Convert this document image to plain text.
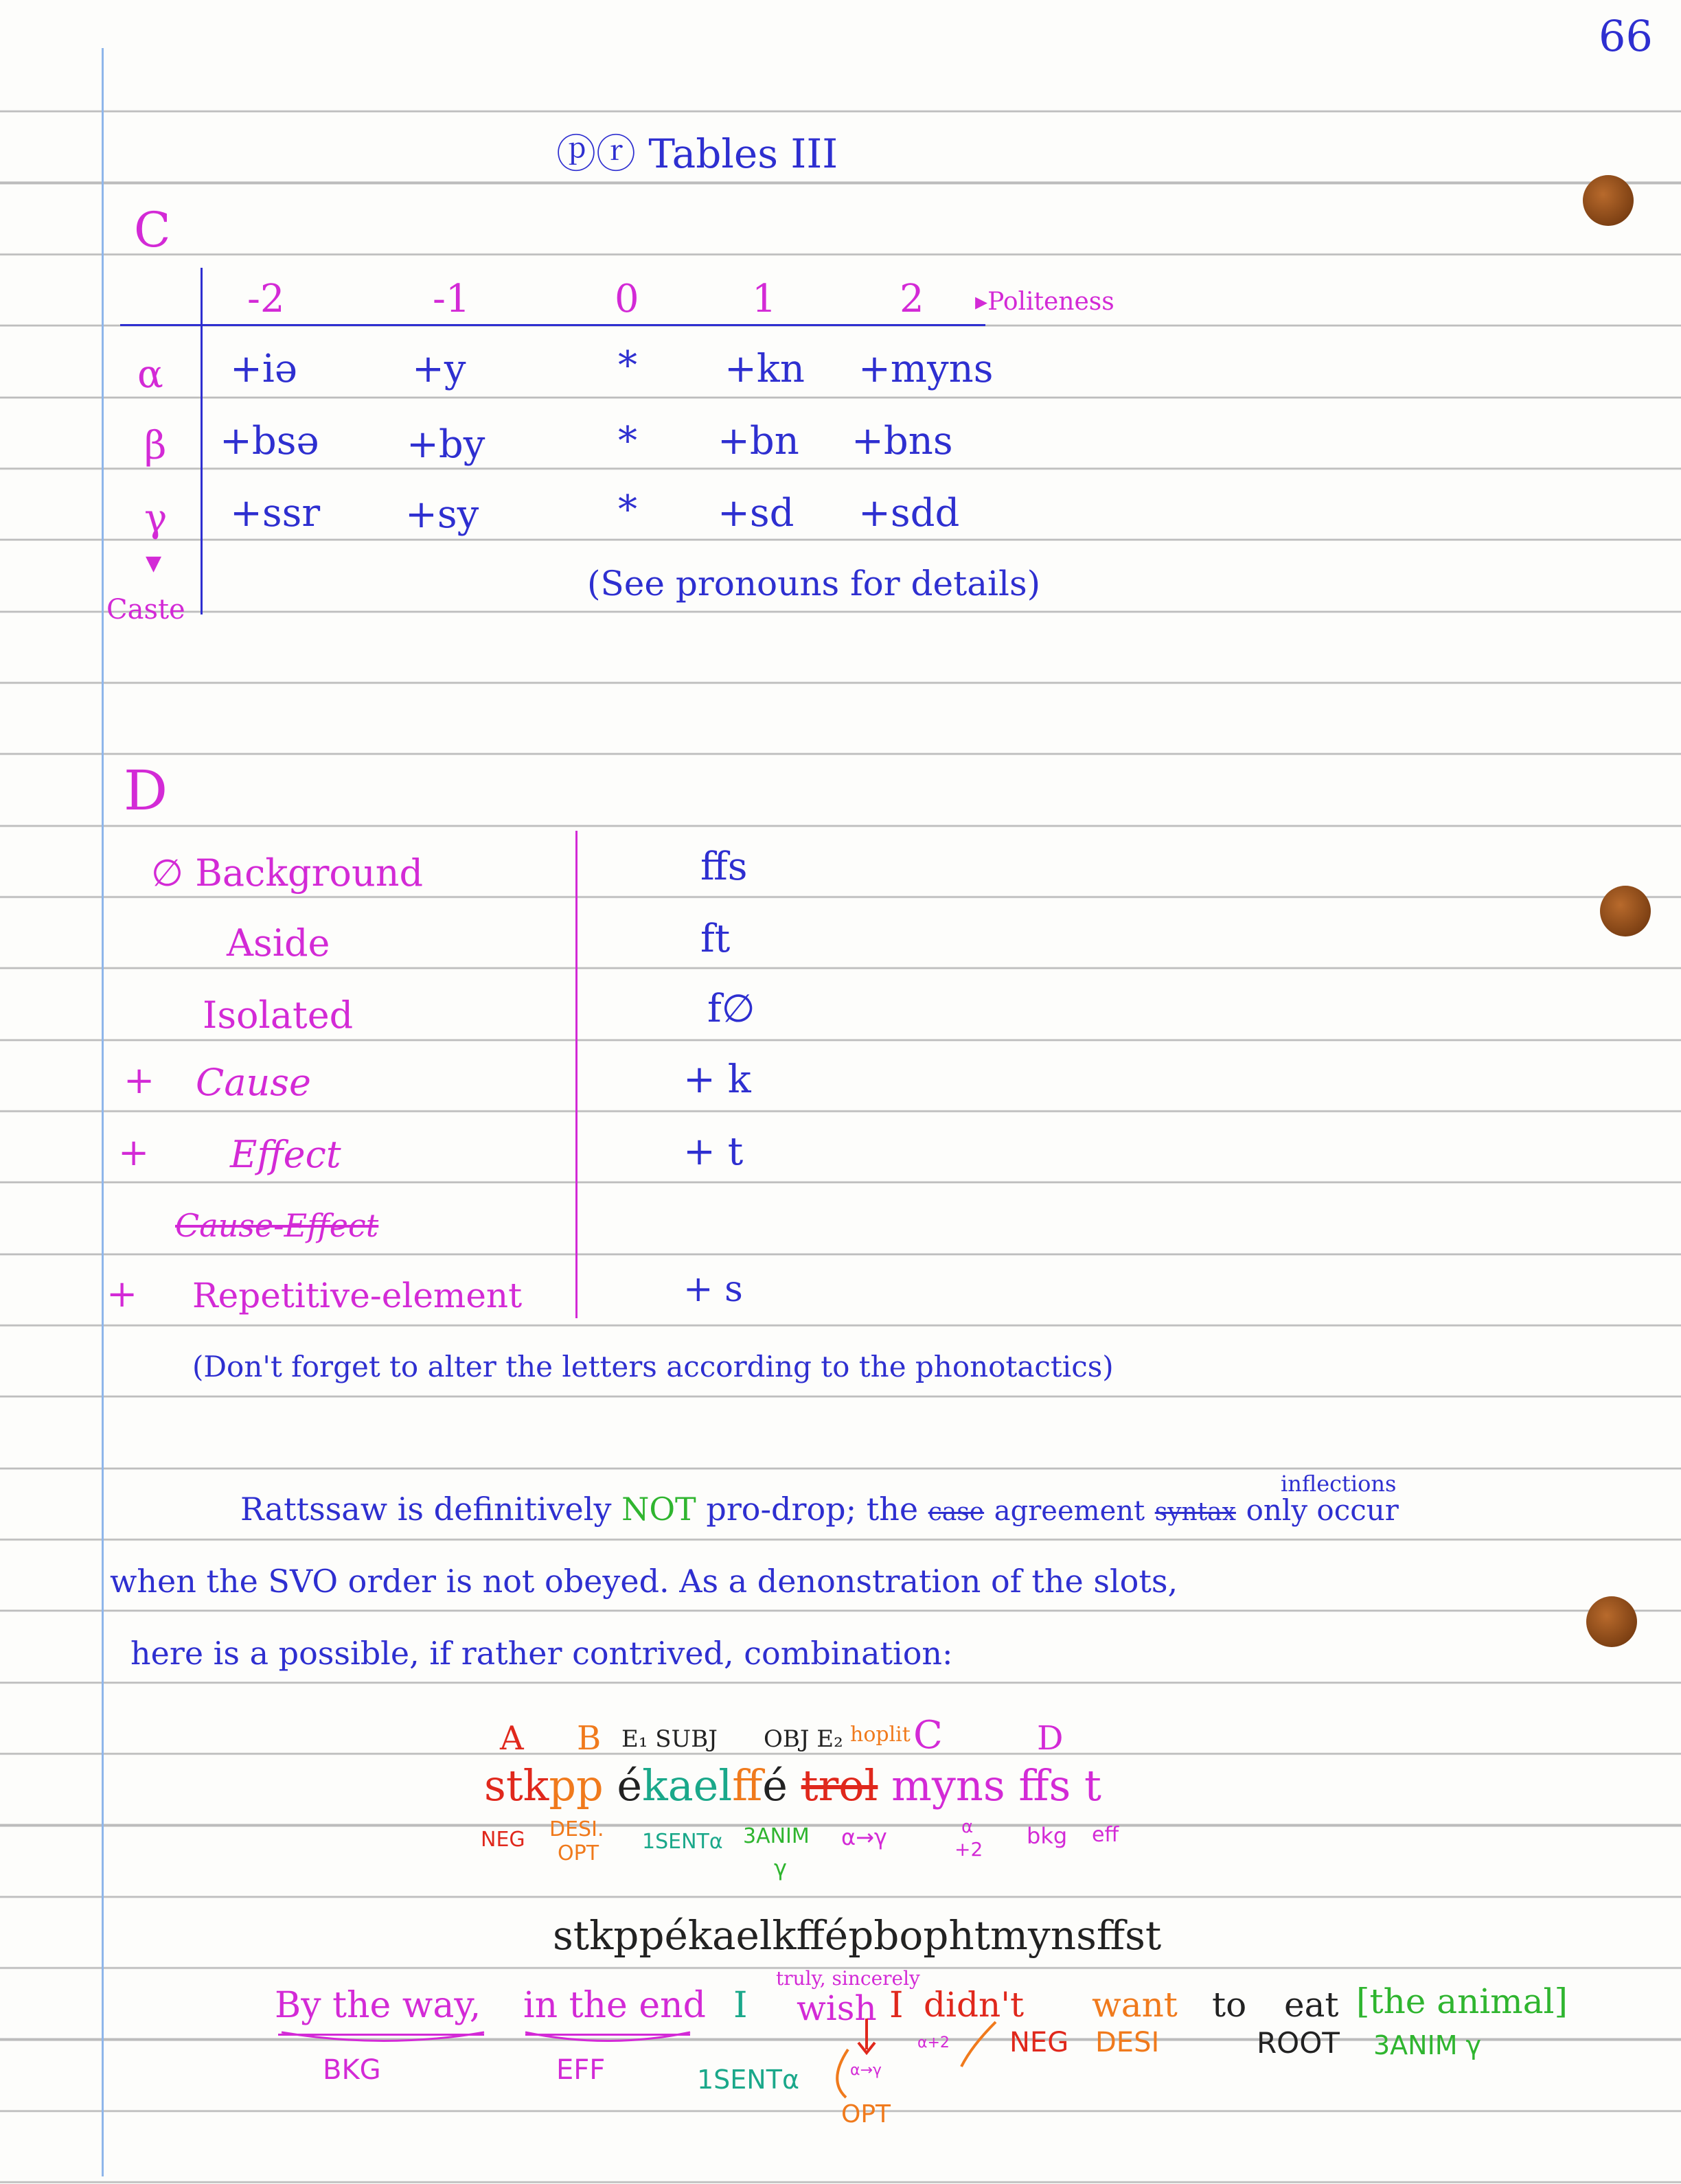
66
ⓟⓡ Tables III
C
-2	-1	0	1	2 ▸Politeness
α +iə	+y	* +kn +myns
β +bsə +by	* +bn +bns
γ +ssr +sy	* +sd +sdd
▼
Caste
(See pronouns for details)
D
∅ Background	ffs
Aside	ft
Isolated	f∅
+ Cause	+ k
+ Effect	+ t
Cause-Effect
+ Repetitive-element	+ s
(Don't forget to alter the letters according to the phonotactics)
inflections
Rattssaw is definitively NOT pro-drop; the case agreement syntax only occur
when the SVO order is not obeyed. As a denonstration of the slots,
here is a possible, if rather contrived, combination:
A B E₁ SUBJ OBJ E₂ hoplit C	D
stkpp ékaelffé trol myns ffs t
NEG DESI.
OPT 1SENTα 3ANIM
γ
α→γ	α
+2
bkg eff
stkppékaelkffépbophtmynsffst
By the way, in the end I
truly, sincerely
wish I didn't want to eat [the animal]
BKG	EFF	1SENTα	α→γ
α+2
OPT
NEG DESI	ROOT 3ANIM γ
